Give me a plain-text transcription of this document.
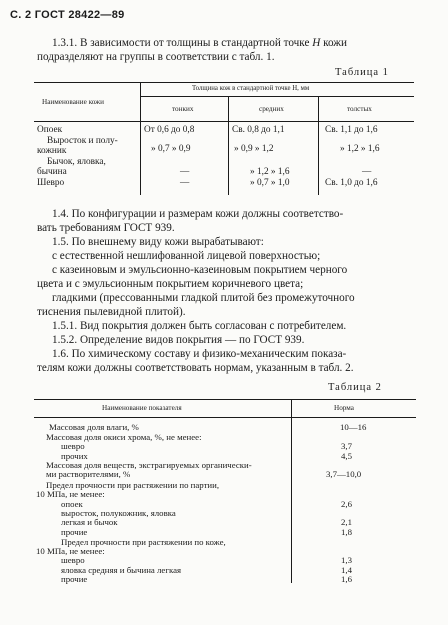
С. 2 ГОСТ 28422—89
1.3.1. В зависимости от толщины в стандартной точке Н кожи
подразделяют на группы в соответствии с табл. 1.
Таблица 1
Наименование кожи
Толщина кож в стандартной точке Н, мм
тонких	средних	толстых
Опоек	От 0,6 до 0,8	Св. 0,8 до 1,1	Св. 1,1 до 1,6
Выросток и полу-
кожник	» 0,7 » 0,9	» 0,9 » 1,2	» 1,2 » 1,6
Бычок, яловка,
бычина	—	» 1,2 » 1,6	—
Шевро	—	» 0,7 » 1,0	Св. 1,0 до 1,6
1.4. По конфигурации и размерам кожи должны соответство-
вать требованиям ГОСТ 939.
1.5. По внешнему виду кожи вырабатывают:
с естественной нешлифованной лицевой поверхностью;
с казеиновым и эмульсионно-казеиновым покрытием черного
цвета и с эмульсионным покрытием коричневого цвета;
гладкими (прессованными гладкой плитой без промежуточного
тиснения пылевидной плитой).
1.5.1. Вид покрытия должен быть согласован с потребителем.
1.5.2. Определение видов покрытия — по ГОСТ 939.
1.6. По химическому составу и физико-механическим показа-
телям кожи должны соответствовать нормам, указанным в табл. 2.
Таблица 2
Наименование показателя	Норма
Массовая доля влаги, %	10—16
Массовая доля окиси хрома, %, не менее:
шевро	3,7
прочих	4,5
Массовая доля веществ, экстрагируемых органически-
ми растворителями, %	3,7—10,0
Предел прочности при растяжении по партии,
10 МПа, не менее:
опоек	2,6
выросток, полукожник, яловка
легкая и бычок	2,1
прочие	1,8
Предел прочности при растяжении по коже,
10 МПа, не менее:
шевро	1,3
яловка средняя и бычина легкая	1,4
прочие	1,6
